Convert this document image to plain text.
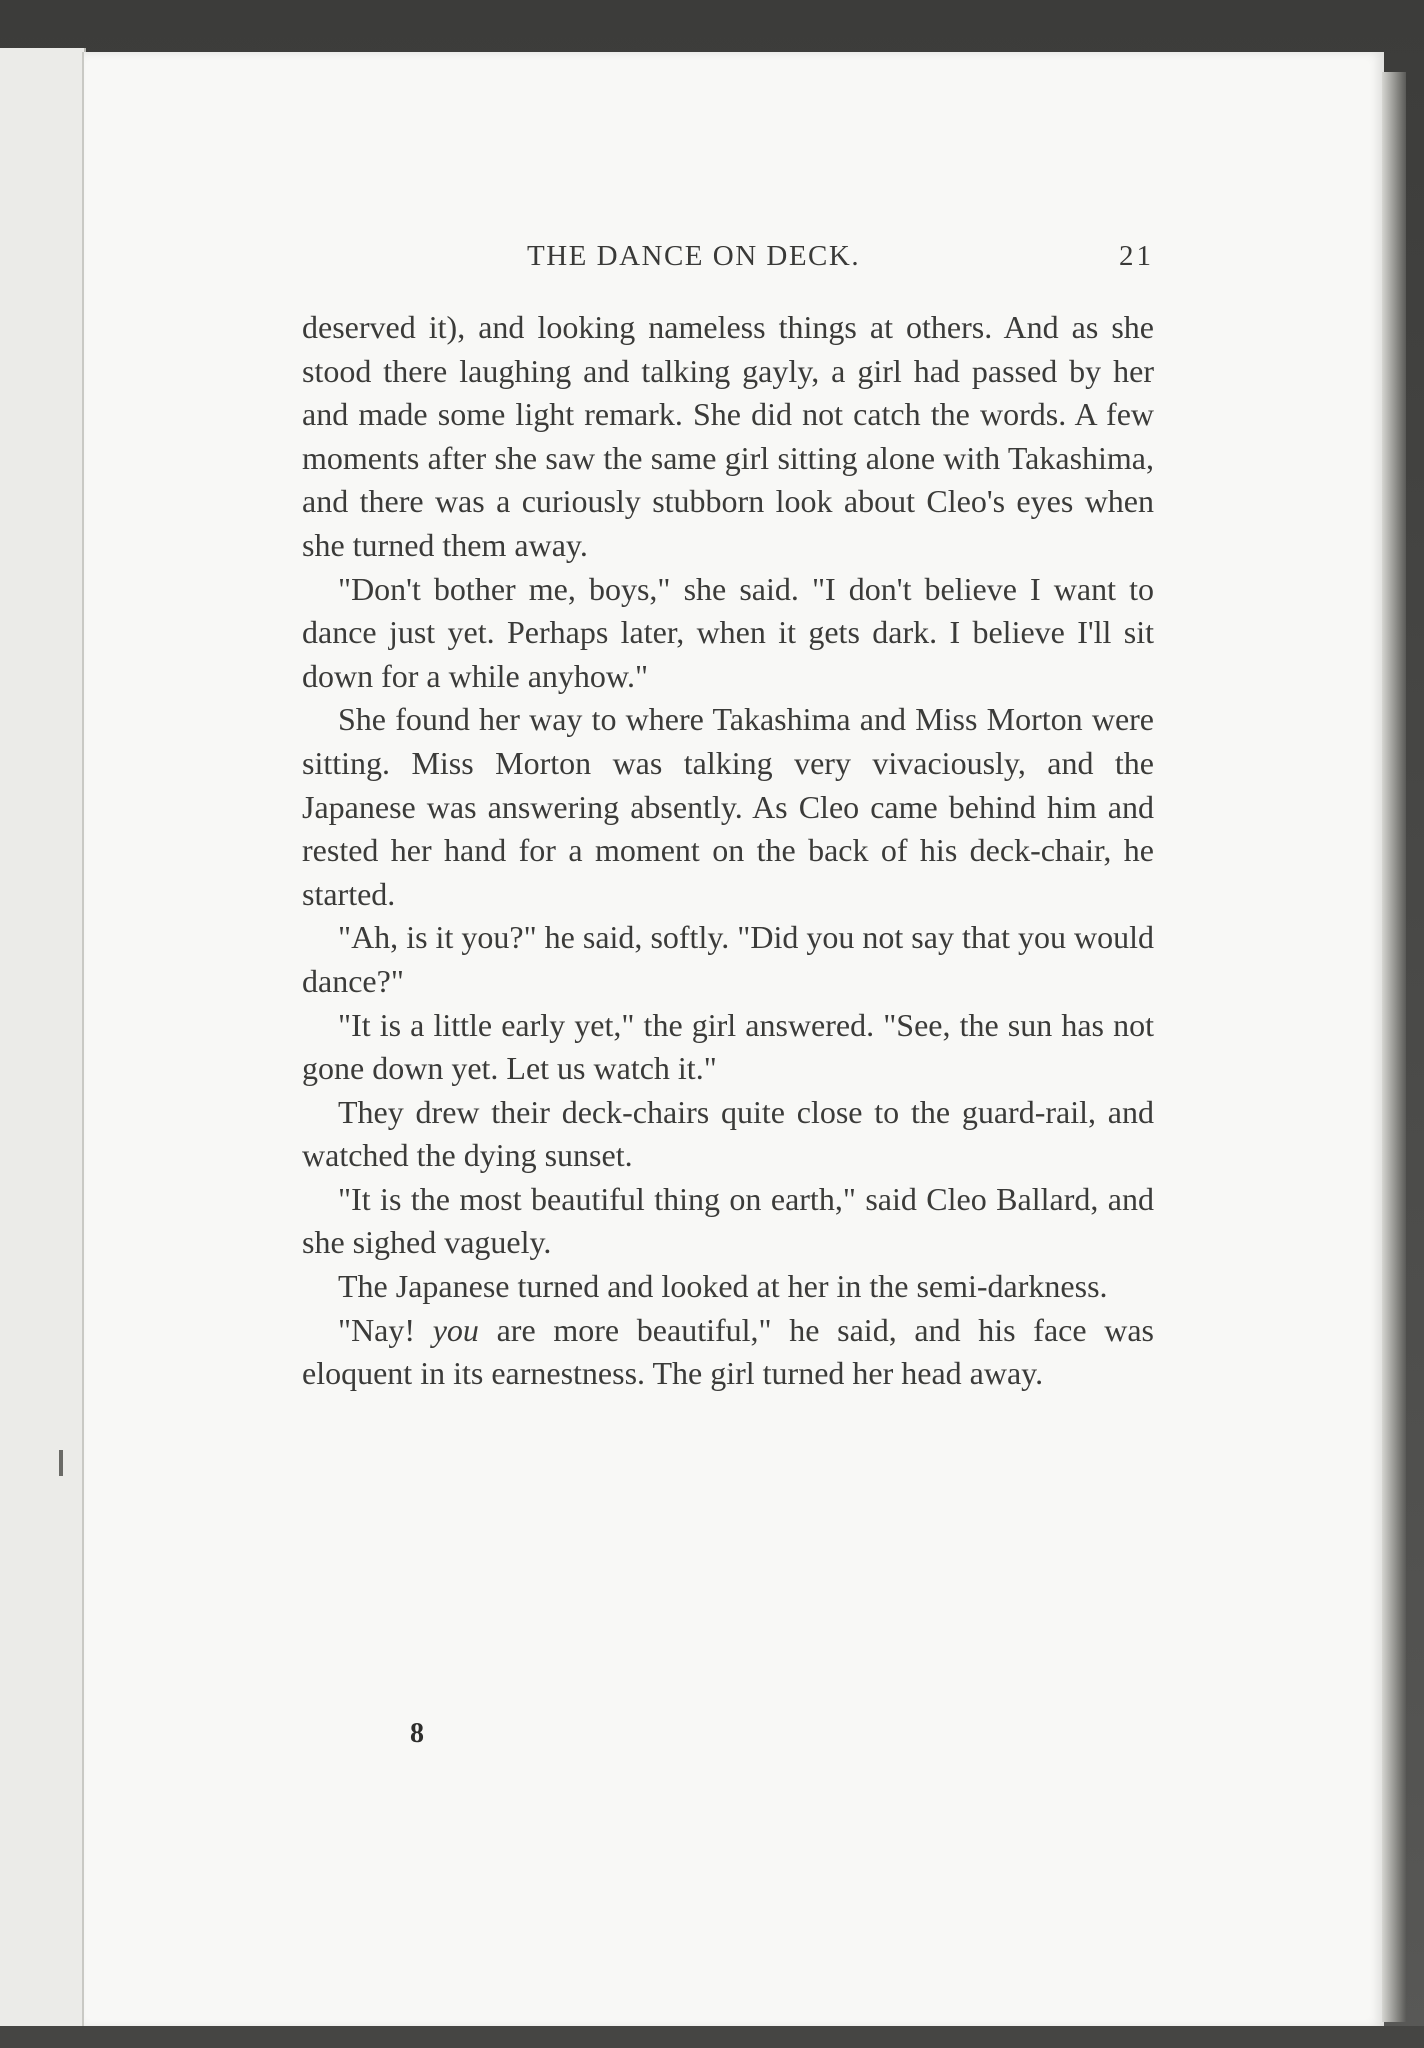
THE DANCE ON DECK.	21

deserved it), and looking nameless things at others. And as she stood there laughing and talking gayly, a girl had passed by her and made some light remark. She did not catch the words. A few moments after she saw the same girl sitting alone with Takashima, and there was a curiously stubborn look about Cleo's eyes when she turned them away.

"Don't bother me, boys," she said. "I don't believe I want to dance just yet. Perhaps later, when it gets dark. I believe I'll sit down for a while anyhow."

She found her way to where Takashima and Miss Morton were sitting. Miss Morton was talking very vivaciously, and the Japanese was answering absently. As Cleo came behind him and rested her hand for a moment on the back of his deck-chair, he started.

"Ah, is it you?" he said, softly. "Did you not say that you would dance?"

"It is a little early yet," the girl answered. "See, the sun has not gone down yet. Let us watch it."

They drew their deck-chairs quite close to the guard-rail, and watched the dying sunset.

"It is the most beautiful thing on earth," said Cleo Ballard, and she sighed vaguely.

The Japanese turned and looked at her in the semi-darkness.

"Nay! you are more beautiful," he said, and his face was eloquent in its earnestness. The girl turned her head away.

8
